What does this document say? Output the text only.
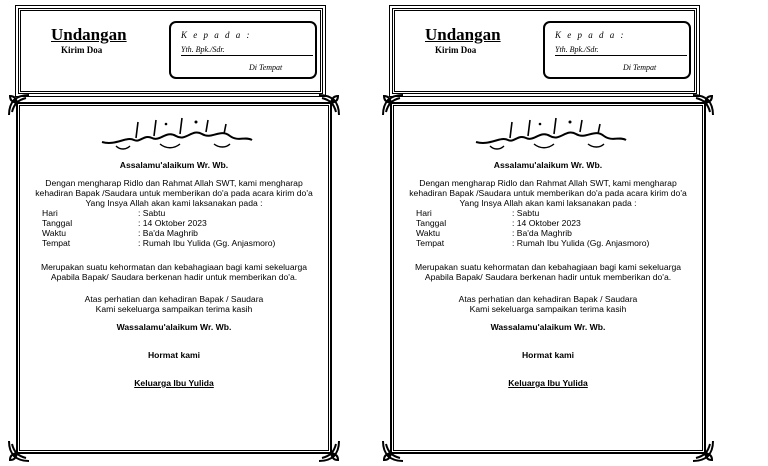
Undangan
Kirim Doa
K e p a d a :
Yth. Bpk./Sdr.
Di Tempat
Assalamu'alaikum Wr. Wb.
Dengan mengharap Ridlo dan Rahmat Allah SWT, kami mengharap
kehadiran Bapak /Saudara untuk memberikan do'a pada acara kirim do'a
Yang Insya Allah akan kami laksanakan pada :
Hari	: Sabtu
Tanggal	: 14 Oktober 2023
Waktu	: Ba'da Maghrib
Tempat	: Rumah Ibu Yulida (Gg. Anjasmoro)
Merupakan suatu kehormatan dan kebahagiaan bagi kami sekeluarga
Apabila Bapak/ Saudara berkenan hadir untuk memberikan do'a.
Atas perhatian dan kehadiran Bapak / Saudara
Kami sekeluarga sampaikan terima kasih
Wassalamu'alaikum Wr. Wb.
Hormat kami
Keluarga Ibu Yulida
Undangan
Kirim Doa
K e p a d a :
Yth. Bpk./Sdr.
Di Tempat
Assalamu'alaikum Wr. Wb.
Dengan mengharap Ridlo dan Rahmat Allah SWT, kami mengharap
kehadiran Bapak /Saudara untuk memberikan do'a pada acara kirim do'a
Yang Insya Allah akan kami laksanakan pada :
Hari	: Sabtu
Tanggal	: 14 Oktober 2023
Waktu	: Ba'da Maghrib
Tempat	: Rumah Ibu Yulida (Gg. Anjasmoro)
Merupakan suatu kehormatan dan kebahagiaan bagi kami sekeluarga
Apabila Bapak/ Saudara berkenan hadir untuk memberikan do'a.
Atas perhatian dan kehadiran Bapak / Saudara
Kami sekeluarga sampaikan terima kasih
Wassalamu'alaikum Wr. Wb.
Hormat kami
Keluarga Ibu Yulida
